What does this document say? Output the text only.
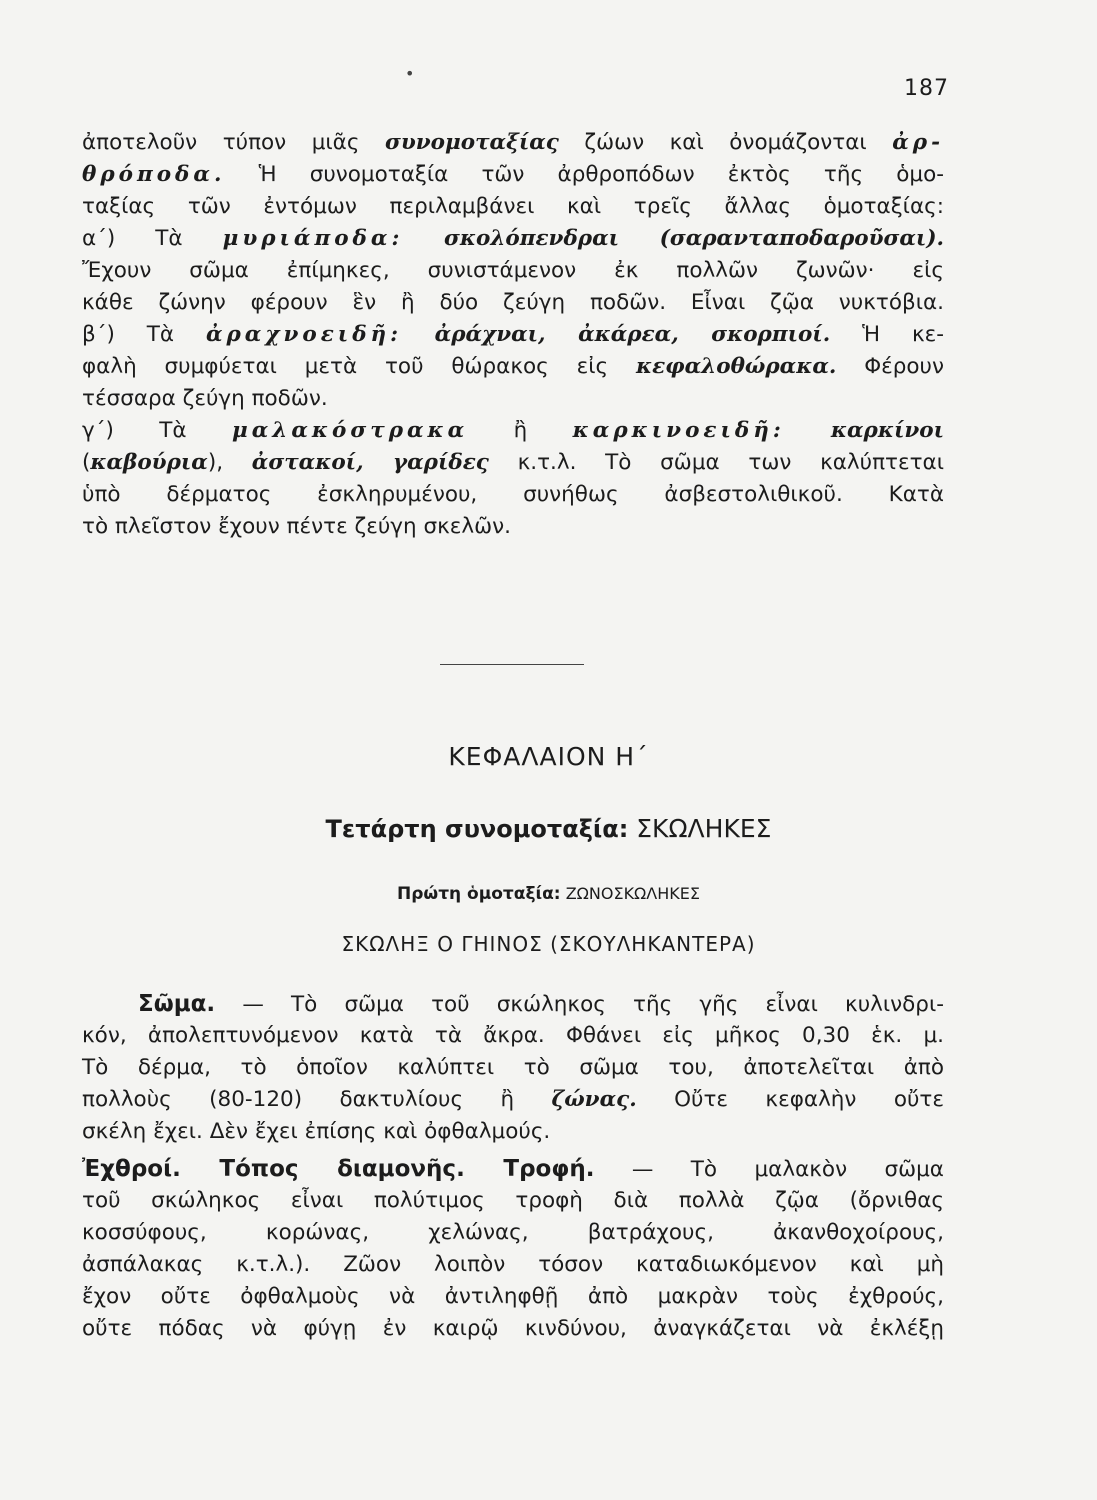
•
187
ἀποτελοῦν τύπον μιᾶς συνομοταξίας ζώων καὶ ὀνομάζονται ἀρ-
θρόποδα. Ἡ συνομοταξία τῶν ἀρθροπόδων ἐκτὸς τῆς ὁμο-
ταξίας τῶν ἐντόμων περιλαμβάνει καὶ τρεῖς ἄλλας ὁμοταξίας:
α΄) Τὰ μυριάποδα: σκολόπενδραι (σαρανταποδαροῦσαι).
Ἔχουν σῶμα ἐπίμηκες, συνιστάμενον ἐκ πολλῶν ζωνῶν· εἰς
κάθε ζώνην φέρουν ἓν ἢ δύο ζεύγη ποδῶν. Εἶναι ζῷα νυκτόβια.
β΄) Τὰ ἀραχνοειδῆ: ἀράχναι, ἀκάρεα, σκορπιοί. Ἡ κε-
φαλὴ συμφύεται μετὰ τοῦ θώρακος εἰς κεφαλοθώρακα. Φέρουν
τέσσαρα ζεύγη ποδῶν.
γ΄) Τὰ μαλακόστρακα ἢ καρκινοειδῆ: καρκίνοι
(καβούρια), ἀστακοί, γαρίδες κ.τ.λ. Τὸ σῶμα των καλύπτεται
ὑπὸ δέρματος ἐσκληρυμένου, συνήθως ἀσβεστολιθικοῦ. Κατὰ
τὸ πλεῖστον ἔχουν πέντε ζεύγη σκελῶν.
ΚΕΦΑΛΑΙΟΝ Η΄
Τετάρτη συνομοταξία: ΣΚΩΛΗΚΕΣ
Πρώτη ὁμοταξία: ΖΩΝΟΣΚΩΛΗΚΕΣ
ΣΚΩΛΗΞ Ο ΓΗΙΝΟΣ (ΣΚΟΥΛΗΚΑΝΤΕΡΑ)
Σῶμα. — Τὸ σῶμα τοῦ σκώληκος τῆς γῆς εἶναι κυλινδρι-
κόν, ἀπολεπτυνόμενον κατὰ τὰ ἄκρα. Φθάνει εἰς μῆκος 0,30 ἑκ. μ.
Τὸ δέρμα, τὸ ὁποῖον καλύπτει τὸ σῶμα του, ἀποτελεῖται ἀπὸ
πολλοὺς (80-120) δακτυλίους ἢ ζώνας. Οὔτε κεφαλὴν οὔτε
σκέλη ἔχει. Δὲν ἔχει ἐπίσης καὶ ὀφθαλμούς.
Ἐχθροί. Τόπος διαμονῆς. Τροφή. — Τὸ μαλακὸν σῶμα
τοῦ σκώληκος εἶναι πολύτιμος τροφὴ διὰ πολλὰ ζῷα (ὄρνιθας
κοσσύφους, κορώνας, χελώνας, βατράχους, ἀκανθοχοίρους,
ἀσπάλακας κ.τ.λ.). Ζῶον λοιπὸν τόσον καταδιωκόμενον καὶ μὴ
ἔχον οὔτε ὀφθαλμοὺς νὰ ἀντιληφθῇ ἀπὸ μακρὰν τοὺς ἐχθρούς,
οὔτε πόδας νὰ φύγῃ ἐν καιρῷ κινδύνου, ἀναγκάζεται νὰ ἐκλέξῃ
